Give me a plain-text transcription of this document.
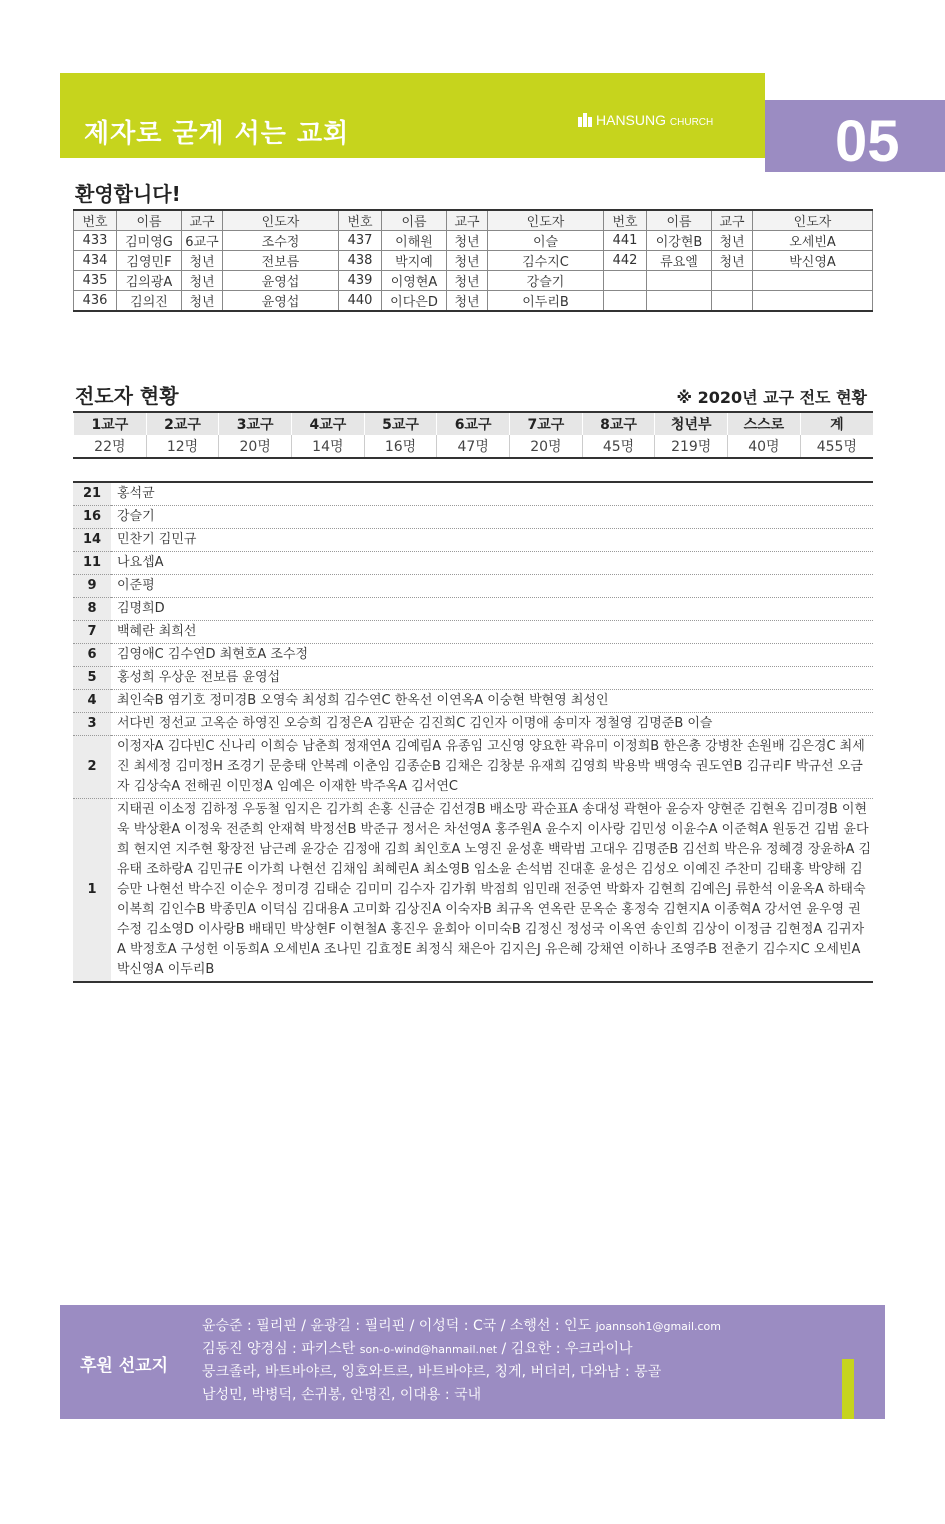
제자로 굳게 서는 교회	HANSUNG CHURCH 05
환영합니다!
번호	이름	교구	인도자	번호	이름	교구	인도자	번호	이름	교구	인도자
433	김미영G	6교구	조수정	437	이해원	청년	이슬	441	이강현B	청년	오세빈A
434	김영민F	청년	전보름	438	박지예	청년	김수지C	442	류요엘	청년	박신영A
435	김의광A	청년	윤영섭	439	이영현A	청년	강슬기				
436	김의진	청년	윤영섭	440	이다은D	청년	이두리B				
전도자 현황	※ 2020년 교구 전도 현황
1교구	2교구	3교구	4교구	5교구	6교구	7교구	8교구	청년부	스스로	계
22명	12명	20명	14명	16명	47명	20명	45명	219명	40명	455명
21	홍석균
16	강슬기
14	민찬기 김민규
11	나요셉A
9	이준평
8	김명희D
7	백혜란 최희선
6	김영애C 김수연D 최현호A 조수정
5	홍성희 우상운 전보름 윤영섭
4	최인숙B 염기호 정미경B 오영숙 최성희 김수연C 한옥선 이연옥A 이숭현 박현영 최성인
3	서다빈 정선교 고옥순 하영진 오승희 김정은A 김판순 김진희C 김인자 이명애 송미자 정철영 김명준B 이슬
2	이정자A 김다빈C 신나리 이희승 남춘희 정재연A 김예림A 유종임 고신영 양요한 곽유미 이정희B 한은총 강병찬 손원배 김은경C 최세진 최세정 김미정H 조경기 문충태 안복례 이춘임 김종순B 김채은 김창분 유재희 김영희 박용박 백영숙 권도연B 김규리F 박규선 오금자 김상숙A 전해권 이민정A 임예은 이재한 박주옥A 김서연C
1	지태권 이소정 김하정 우동철 임지은 김가희 손홍 신금순 김선경B 배소망 곽순표A 송대성 곽현아 윤승자 양현준 김현옥 김미경B 이현욱 박상환A 이정욱 전준희 안재혁 박정선B 박준규 정서은 차선영A 홍주원A 윤수지 이사랑 김민성 이윤수A 이준혁A 원동건 김범 윤다희 현지연 지주현 황장전 남근례 윤강순 김정애 김희 최인호A 노영진 윤성훈 백락범 고대우 김명준B 김선희 박은유 정혜경 장윤하A 김유태 조하랑A 김민규E 이가희 나현선 김채임 최혜린A 최소영B 임소윤 손석범 진대훈 윤성은 김성오 이예진 주찬미 김태홍 박양해 김승만 나현선 박수진 이순우 정미경 김태순 김미미 김수자 김가휘 박점희 임민래 전중연 박화자 김현희 김예은J 류한석 이윤옥A 하태숙 이복희 김인수B 박종민A 이덕심 김대용A 고미화 김상진A 이숙자B 최규옥 연옥란 문옥순 홍정숙 김현지A 이종혁A 강서연 윤우영 권수정 김소영D 이사랑B 배태민 박상현F 이현철A 홍진우 윤회아 이미숙B 김정신 정성국 이옥연 송인희 김상이 이정금 김현정A 김귀자A 박정호A 구성헌 이동희A 오세빈A 조나민 김효정E 최정식 채은아 김지은J 유은혜 강채연 이하나 조영주B 전춘기 김수지C 오세빈A 박신영A 이두리B
후원 선교지
윤승준 : 필리핀 / 윤광길 : 필리핀 / 이성덕 : C국 / 소행선 : 인도 joannsoh1@gmail.com
김동진 양경심 : 파키스탄 son-o-wind@hanmail.net / 김요한 : 우크라이나
뭉크졸라, 바트바야르, 잉호와트르, 바트바야르, 칭게, 버더러, 다와남 : 몽골
남성민, 박병덕, 손귀봉, 안명진, 이대용 : 국내
